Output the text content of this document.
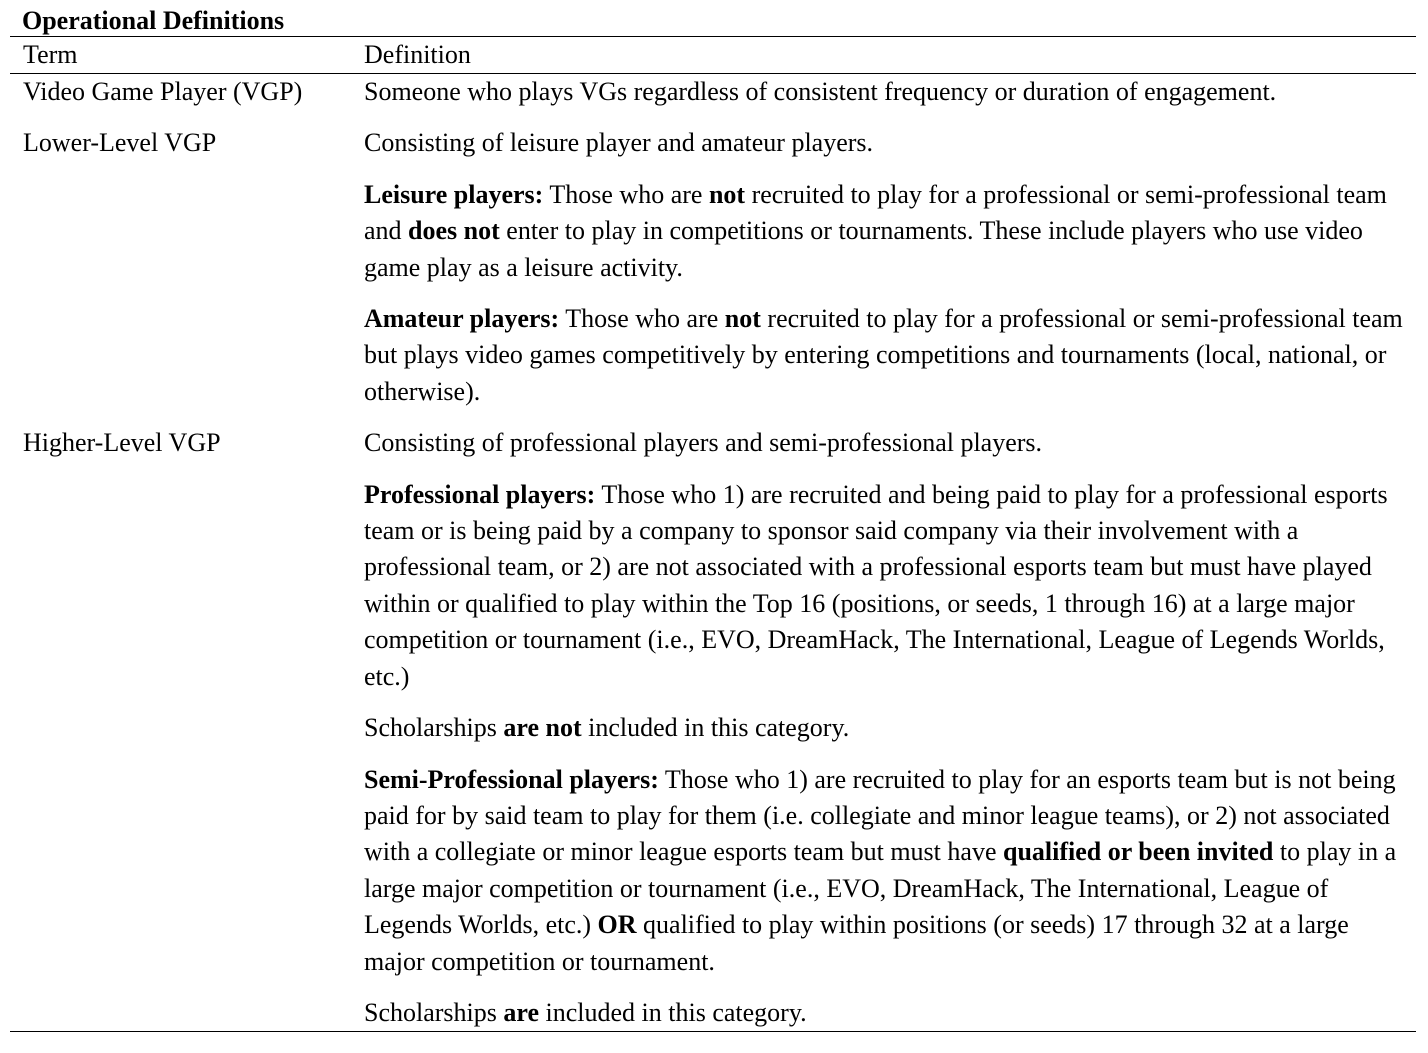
Operational Definitions
Term	Definition
Video Game Player (VGP)	Someone who plays VGs regardless of consistent frequency or duration of engagement.
Lower-Level VGP	Consisting of leisure player and amateur players.
Leisure players: Those who are not recruited to play for a professional or semi-professional team and does not enter to play in competitions or tournaments. These include players who use video game play as a leisure activity.
Amateur players: Those who are not recruited to play for a professional or semi-professional team but plays video games competitively by entering competitions and tournaments (local, national, or otherwise).
Higher-Level VGP	Consisting of professional players and semi-professional players.
Professional players: Those who 1) are recruited and being paid to play for a professional esports team or is being paid by a company to sponsor said company via their involvement with a professional team, or 2) are not associated with a professional esports team but must have played within or qualified to play within the Top 16 (positions, or seeds, 1 through 16) at a large major competition or tournament (i.e., EVO, DreamHack, The International, League of Legends Worlds, etc.)
Scholarships are not included in this category.
Semi-Professional players: Those who 1) are recruited to play for an esports team but is not being paid for by said team to play for them (i.e. collegiate and minor league teams), or 2) not associated with a collegiate or minor league esports team but must have qualified or been invited to play in a large major competition or tournament (i.e., EVO, DreamHack, The International, League of Legends Worlds, etc.) OR qualified to play within positions (or seeds) 17 through 32 at a large major competition or tournament.
Scholarships are included in this category.
